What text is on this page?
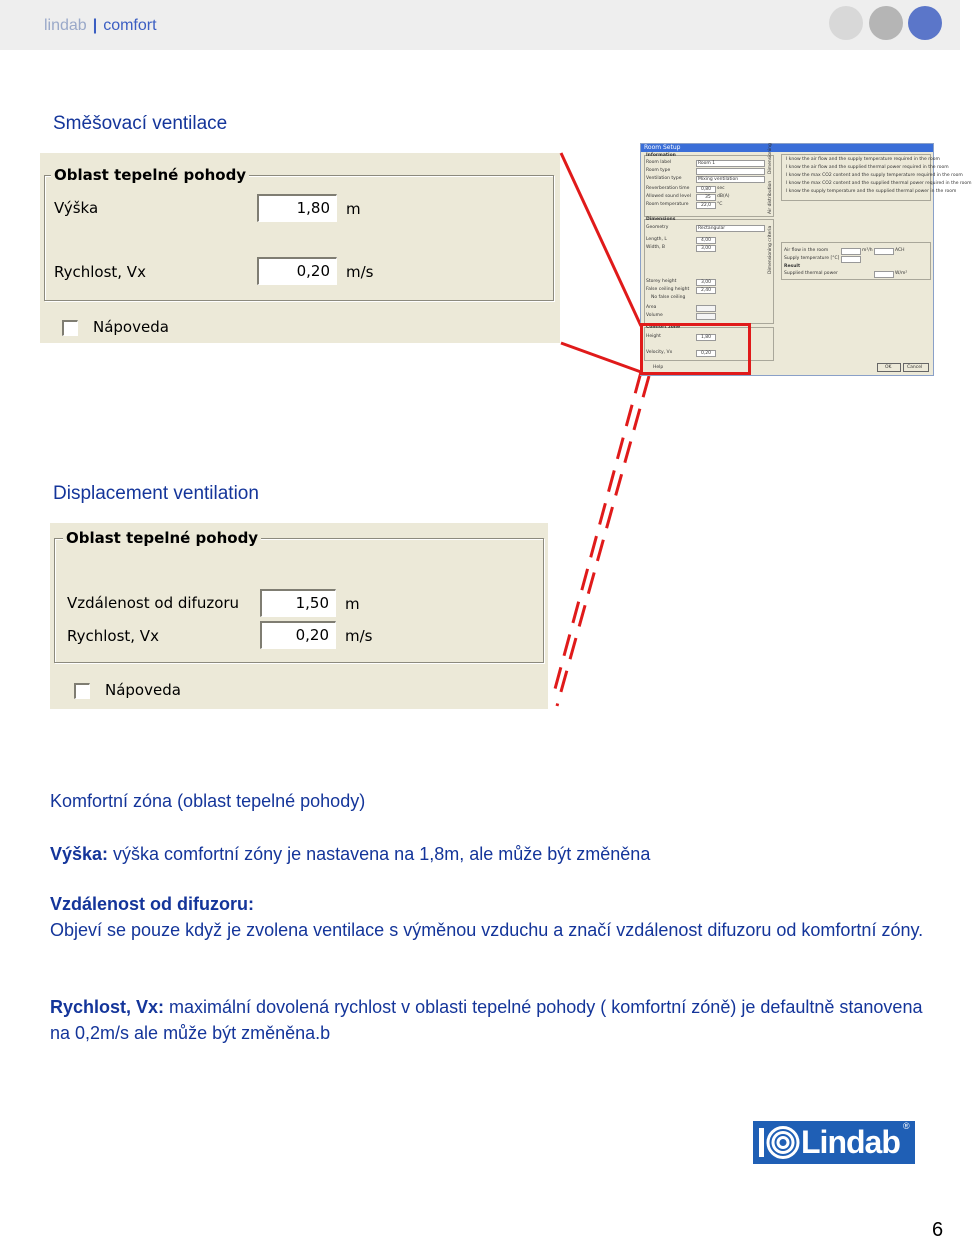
lindab | comfort
Směšovací ventilace
Oblast tepelné pohody
Výška	1,80	m
Rychlost, Vx	0,20	m/s
Nápoveda
Room Setup
Information
Room label	Room 1
Room type
Ventilation type	Mixing ventilation
Reverberation time	0,80 sec
Allowed sound level	35 dB(A)
Room temperature	22,0 °C
Dimensions
Geometry	Rectangular
Length, L	4,00
Width, B	3,00
Storey height	3,00
False ceiling height	2,40
No false ceiling
Area
Volume
Comfort zone
Height	1,80
Velocity, Vx	0,20
Help
Dimensioning
Air distribution
Dimensioning criteria
I know the air flow and the supply temperature required in the room
I know the air flow and the supplied thermal power required in the room
I know the max CO2 content and the supply temperature required in the room
I know the max CO2 content and the supplied thermal power required in the room
I know the supply temperature and the supplied thermal power in the room
Air flow in the room	m³/h	ACH
Supply temperature [°C]
Result
Supplied thermal power	W/m²
OK	Cancel
Displacement ventilation
Oblast tepelné pohody
Vzdálenost od difuzoru	1,50	m
Rychlost, Vx	0,20	m/s
Nápoveda
Komfortní zóna (oblast tepelné pohody)
Výška: výška comfortní zóny je nastavena na 1,8m, ale může být změněna
Vzdálenost od difuzoru:
Objeví se pouze když je zvolena ventilace s výměnou vzduchu a značí vzdálenost difuzoru od komfortní zóny.
Rychlost, Vx: maximální dovolená rychlost v oblasti tepelné pohody ( komfortní zóně) je defaultně stanovena na 0,2m/s ale může být změněna.b
Lindab ®
6
